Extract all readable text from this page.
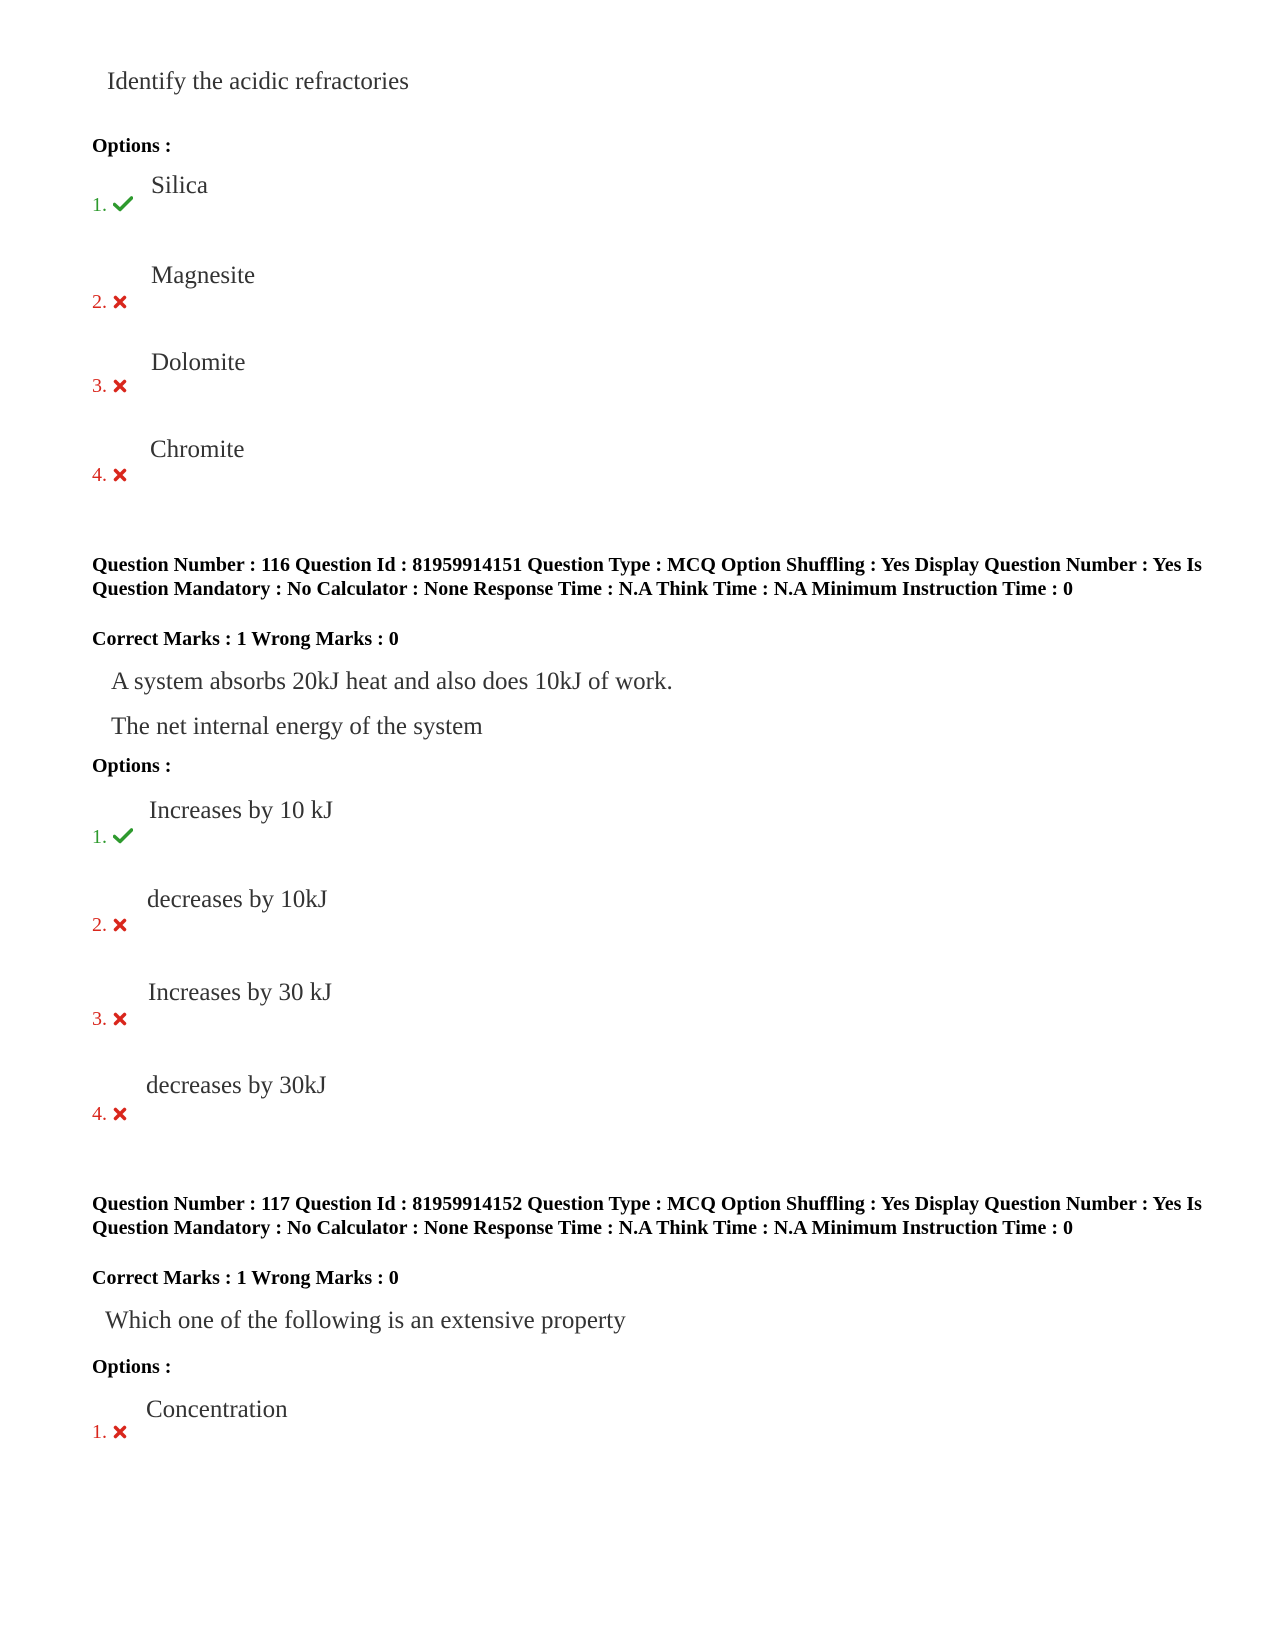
Identify the acidic refractories
Options :
1.
Silica
2.
Magnesite
3.
Dolomite
4.
Chromite
Question Number : 116 Question Id : 81959914151 Question Type : MCQ Option Shuffling : Yes Display Question Number : Yes Is Question Mandatory : No Calculator : None Response Time : N.A Think Time : N.A Minimum Instruction Time : 0
Correct Marks : 1 Wrong Marks : 0
A system absorbs 20kJ heat and also does 10kJ of work.
The net internal energy of the system
Options :
1.
Increases by 10 kJ
2.
decreases by 10kJ
3.
Increases by 30 kJ
4.
decreases by 30kJ
Question Number : 117 Question Id : 81959914152 Question Type : MCQ Option Shuffling : Yes Display Question Number : Yes Is Question Mandatory : No Calculator : None Response Time : N.A Think Time : N.A Minimum Instruction Time : 0
Correct Marks : 1 Wrong Marks : 0
Which one of the following is an extensive property
Options :
1.
Concentration
